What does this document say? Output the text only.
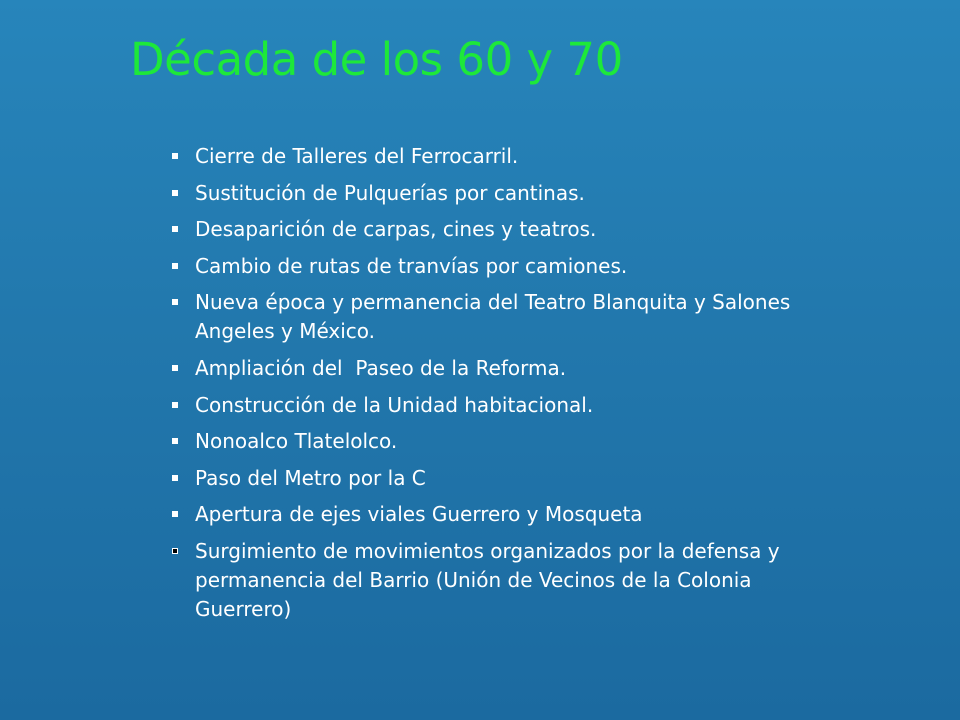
Década de los 60 y 70
Cierre de Talleres del Ferrocarril.
Sustitución de Pulquerías por cantinas.
Desaparición de carpas, cines y teatros.
Cambio de rutas de tranvías por camiones.
Nueva época y permanencia del Teatro Blanquita y Salones Angeles y México.
Ampliación del  Paseo de la Reforma.
Construcción de la Unidad habitacional.
Nonoalco Tlatelolco.
Paso del Metro por la C
Apertura de ejes viales Guerrero y Mosqueta
Surgimiento de movimientos organizados por la defensa y permanencia del Barrio (Unión de Vecinos de la Colonia Guerrero)
